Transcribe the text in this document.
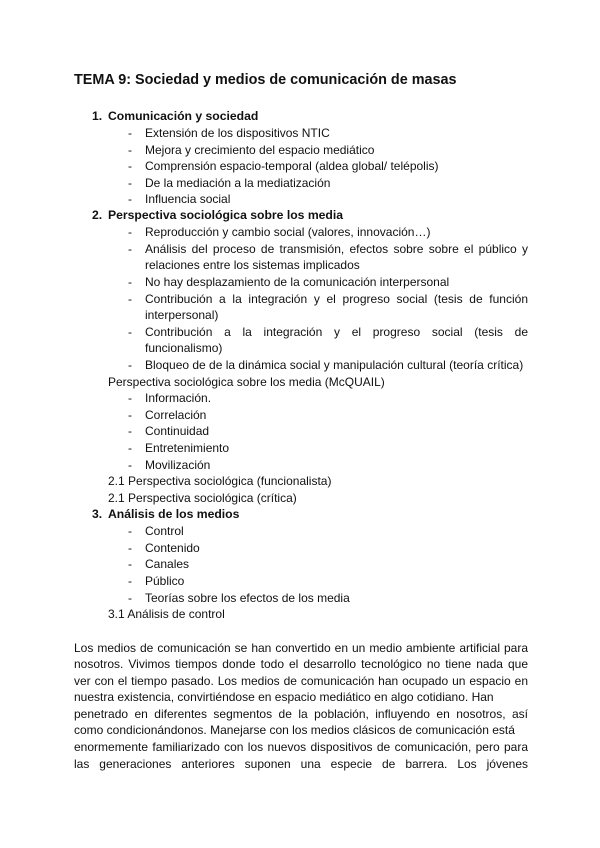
TEMA 9: Sociedad y medios de comunicación de masas
1. Comunicación y sociedad
- Extensión de los dispositivos NTIC
- Mejora y crecimiento del espacio mediático
- Comprensión espacio-temporal (aldea global/ telépolis)
- De la mediación a la mediatización
- Influencia social
2. Perspectiva sociológica sobre los media
- Reproducción y cambio social (valores, innovación…)
- Análisis del proceso de transmisión, efectos sobre sobre el público y
relaciones entre los sistemas implicados
- No hay desplazamiento de la comunicación interpersonal
- Contribución a la integración y el progreso social (tesis de función
interpersonal)
- Contribución a la integración y el progreso social (tesis de
funcionalismo)
- Bloqueo de de la dinámica social y manipulación cultural (teoría crítica)
Perspectiva sociológica sobre los media (McQUAIL)
- Información.
- Correlación
- Continuidad
- Entretenimiento
- Movilización
2.1 Perspectiva sociológica (funcionalista)
2.1 Perspectiva sociológica (crítica)
3. Análisis de los medios
- Control
- Contenido
- Canales
- Público
- Teorías sobre los efectos de los media
3.1 Análisis de control
Los medios de comunicación se han convertido en un medio ambiente artificial para
nosotros. Vivimos tiempos donde todo el desarrollo tecnológico no tiene nada que
ver con el tiempo pasado. Los medios de comunicación han ocupado un espacio en
nuestra existencia, convirtiéndose en espacio mediático en algo cotidiano. Han
penetrado en diferentes segmentos de la población, influyendo en nosotros, así
como condicionándonos. Manejarse con los medios clásicos de comunicación está
enormemente familiarizado con los nuevos dispositivos de comunicación, pero para
las generaciones anteriores suponen una especie de barrera. Los jóvenes
